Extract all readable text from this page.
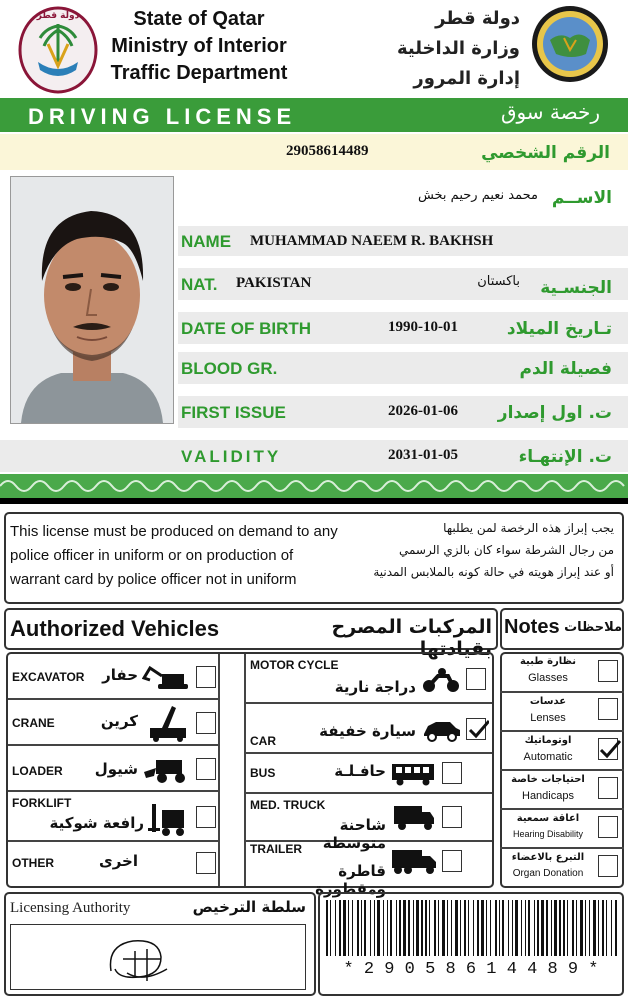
دولة قطر	State of Qatar
Ministry of Interior
Traffic Department
دولة قطر
وزارة الداخلية
إدارة المرور
DRIVING LICENSE	رخصة سوق
29058614489	الرقم الشخصي
محمد نعيم رحيم بخش الاســم
NAME MUHAMMAD NAEEM R. BAKHSH
NAT. PAKISTAN	باكستان	الجنسـية
DATE OF BIRTH	1990-10-01	تـاريخ الميلاد
BLOOD GR.	فصيلة الدم
FIRST ISSUE	2026-01-06	ت. اول إصدار
VALIDITY	2031-01-05	ت. الإنتهـاء
This license must be produced on demand to any
police officer in uniform or on production of
warrant card by police officer not in uniform
يجب إبراز هذه الرخصة لمن يطلبها
من رجال الشرطة سواء كان بالزي الرسمي
أو عند إبراز هويته في حالة كونه بالملابس المدنية
Authorized Vehicles	المركبات المصرح بقيادتها
Notes ملاحظات
EXCAVATOR	حفار
CRANE	كرين
LOADER	شيول
FORKLIFT
رافعة شوكية
OTHER	اخرى
MOTOR CYCLE
دراجة نارية
CAR
سيارة خفيفة
BUS	حافـلـة
MED. TRUCK
شاحنة متوسطة
TRAILER
قاطرة ومقطورة
نظارة طبية
Glasses
عدسات
Lenses
اوتوماتيك
Automatic
احتياجات خاصة
Handicaps
اعاقة سمعية
Hearing Disability
التبرع بالاعضاء
Organ Donation
Licensing Authority	سلطة الترخيص
* 2 9 0 5 8 6 1 4 4 8 9 *
